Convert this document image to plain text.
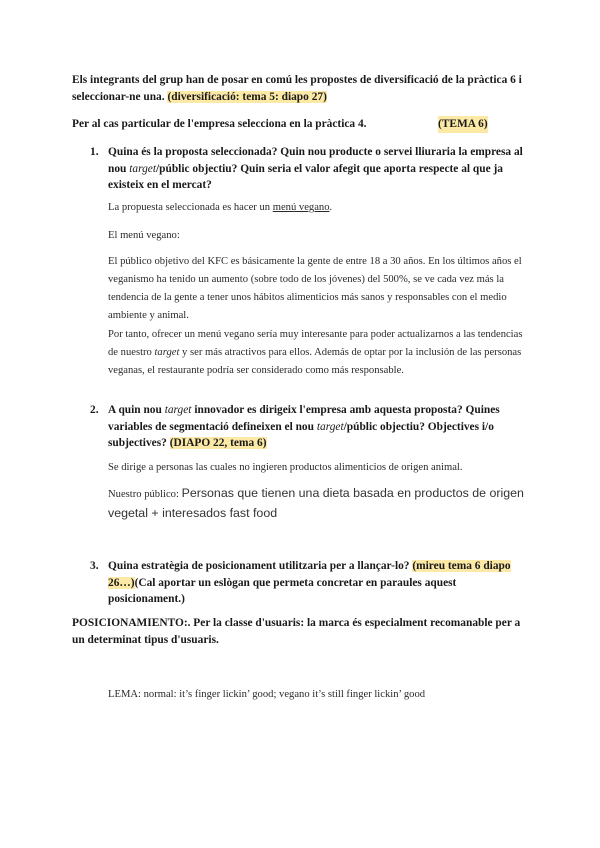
Els integrants del grup han de posar en comú les propostes de diversificació de la pràctica 6 i seleccionar-ne una. (diversificació: tema 5: diapo 27)

Per al cas particular de l'empresa selecciona en la pràctica 4.	(TEMA 6)
1. Quina és la proposta seleccionada? Quin nou producte o servei lliuraria la empresa al nou target/públic objectiu? Quin seria el valor afegit que aporta respecte al que ja existeix en el mercat?

La propuesta seleccionada es hacer un menú vegano.

El menú vegano:

El público objetivo del KFC es básicamente la gente de entre 18 a 30 años. En los últimos años el veganismo ha tenido un aumento (sobre todo de los jóvenes) del 500%, se ve cada vez más la tendencia de la gente a tener unos hábitos alimenticios más sanos y responsables con el medio ambiente y animal.

Por tanto, ofrecer un menú vegano sería muy interesante para poder actualizarnos a las tendencias de nuestro target y ser más atractivos para ellos. Además de optar por la inclusión de las personas veganas, el restaurante podría ser considerado como más responsable.

2. A quin nou target innovador es dirigeix l'empresa amb aquesta proposta? Quines variables de segmentació defineixen el nou target/públic objectiu? Objectives i/o subjectives? (DIAPO 22, tema 6)

Se dirige a personas las cuales no ingieren productos alimenticios de origen animal.

Nuestro público: Personas que tienen una dieta basada en productos de origen vegetal + interesados fast food

3. Quina estratègia de posicionament utilitzaria per a llançar-lo? (mireu tema 6 diapo 26…)(Cal aportar un eslògan que permeta concretar en paraules aquest posicionament.)

POSICIONAMIENTO:. Per la classe d'usuaris: la marca és especialment recomanable per a un determinat tipus d'usuaris.

LEMA: normal: it’s finger lickin’ good; vegano it’s still finger lickin’ good
